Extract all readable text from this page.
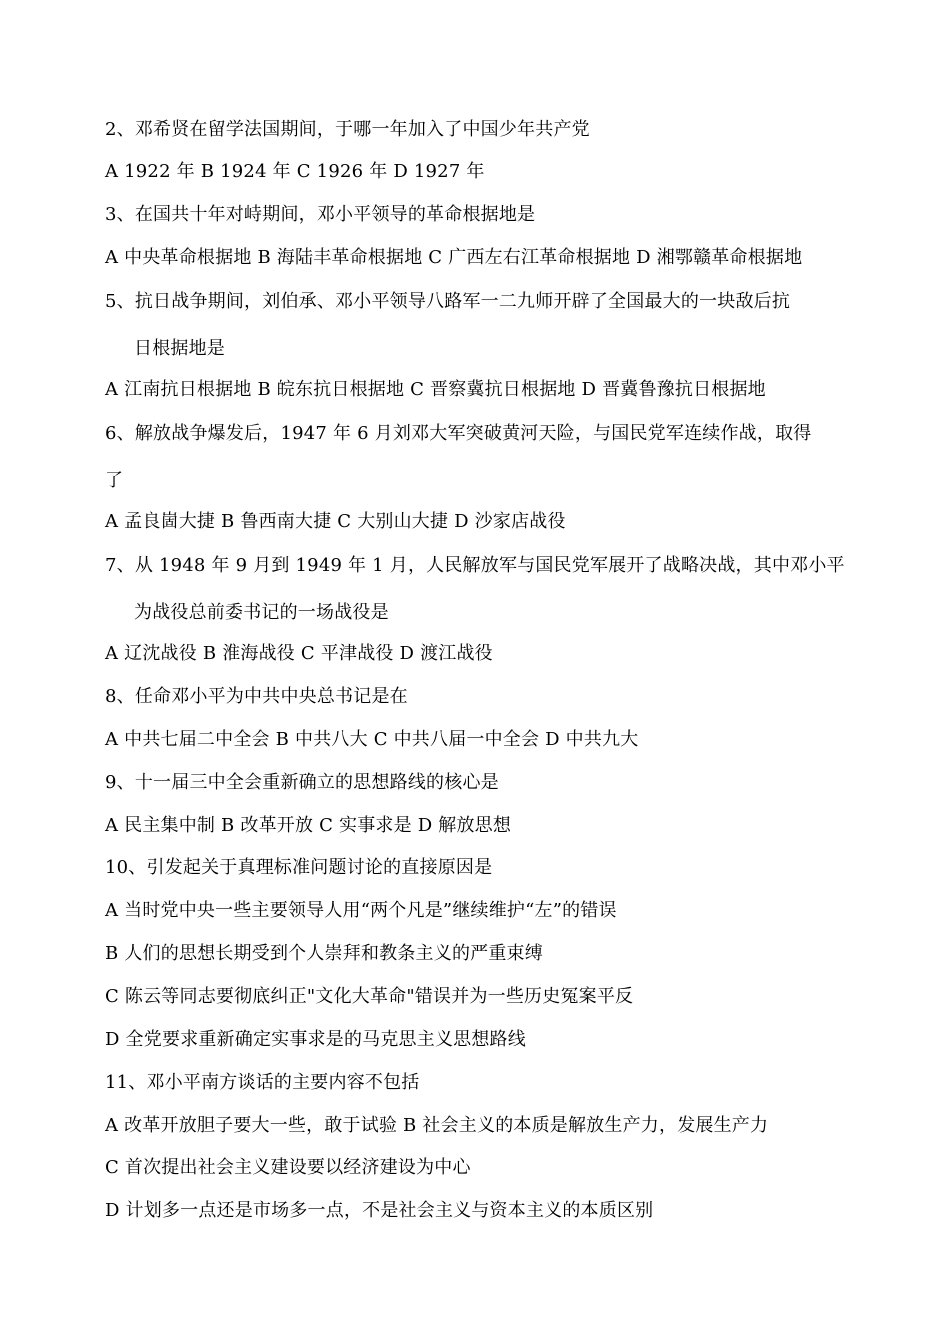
2、邓希贤在留学法国期间，于哪一年加入了中国少年共产党
A 1922 年 B 1924 年 C 1926 年 D 1927 年
3、在国共十年对峙期间，邓小平领导的革命根据地是
A 中央革命根据地 B 海陆丰革命根据地 C 广西左右江革命根据地 D 湘鄂赣革命根据地
5、抗日战争期间，刘伯承、邓小平领导八路军一二九师开辟了全国最大的一块敌后抗
日根据地是
A 江南抗日根据地 B 皖东抗日根据地 C 晋察冀抗日根据地 D 晋冀鲁豫抗日根据地
6、解放战争爆发后，1947 年 6 月刘邓大军突破黄河天险，与国民党军连续作战，取得
了
A 孟良崮大捷 B 鲁西南大捷 C 大别山大捷 D 沙家店战役
7、从 1948 年 9 月到 1949 年 1 月，人民解放军与国民党军展开了战略决战，其中邓小平
为战役总前委书记的一场战役是
A 辽沈战役 B 淮海战役 C 平津战役 D 渡江战役
8、任命邓小平为中共中央总书记是在
A 中共七届二中全会 B 中共八大 C 中共八届一中全会 D 中共九大
9、十一届三中全会重新确立的思想路线的核心是
A 民主集中制 B 改革开放 C 实事求是 D 解放思想
10、引发起关于真理标准问题讨论的直接原因是
A 当时党中央一些主要领导人用“两个凡是”继续维护“左”的错误
B 人们的思想长期受到个人崇拜和教条主义的严重束缚
C 陈云等同志要彻底纠正"文化大革命"错误并为一些历史冤案平反
D 全党要求重新确定实事求是的马克思主义思想路线
11、邓小平南方谈话的主要内容不包括
A 改革开放胆子要大一些，敢于试验 B 社会主义的本质是解放生产力，发展生产力
C 首次提出社会主义建设要以经济建设为中心
D 计划多一点还是市场多一点，不是社会主义与资本主义的本质区别
